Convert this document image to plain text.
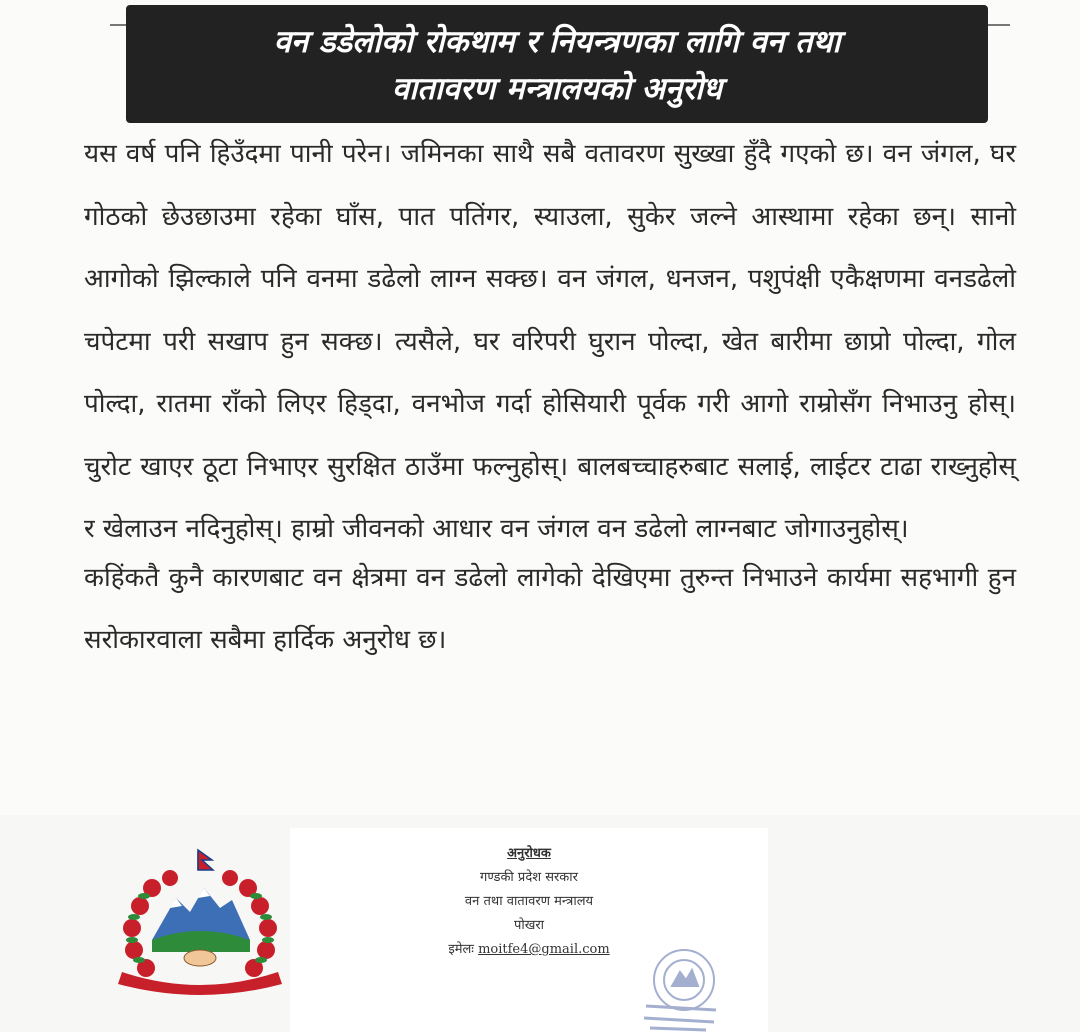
वन डडेलोको रोकथाम र नियन्त्रणका लागि वन तथा
वातावरण मन्त्रालयको अनुरोध

यस वर्ष पनि हिउँदमा पानी परेन। जमिनका साथै सबै वतावरण सुख्खा हुँदै गएको छ। वन जंगल, घर गोठको छेउछाउमा रहेका घाँस, पात पतिंगर, स्याउला, सुकेर जल्ने आस्थामा रहेका छन्। सानो आगोको झिल्काले पनि वनमा डढेलो लाग्न सक्छ। वन जंगल, धनजन, पशुपंक्षी एकैक्षणमा वनडढेलो चपेटमा परी सखाप हुन सक्छ। त्यसैले, घर वरिपरी घुरान पोल्दा, खेत बारीमा छाप्रो पोल्दा, गोल पोल्दा, रातमा राँको लिएर हिड्दा, वनभोज गर्दा होसियारी पूर्वक गरी आगो राम्रोसँग निभाउनु होस्। चुरोट खाएर ठूटा निभाएर सुरक्षित ठाउँमा फल्नुहोस्। बालबच्चाहरुबाट सलाई, लाईटर टाढा राख्नुहोस् र खेलाउन नदिनुहोस्। हाम्रो जीवनको आधार वन जंगल वन डढेलो लाग्नबाट जोगाउनुहोस्।

कहिंकतै कुनै कारणबाट वन क्षेत्रमा वन डढेलो लागेको देखिएमा तुरुन्त निभाउने कार्यमा सहभागी हुन सरोकारवाला सबैमा हार्दिक अनुरोध छ।

अनुरोधक
गण्डकी प्रदेश सरकार
वन तथा वातावरण मन्त्रालय
पोखरा
इमेलः moitfe4@gmail.com
